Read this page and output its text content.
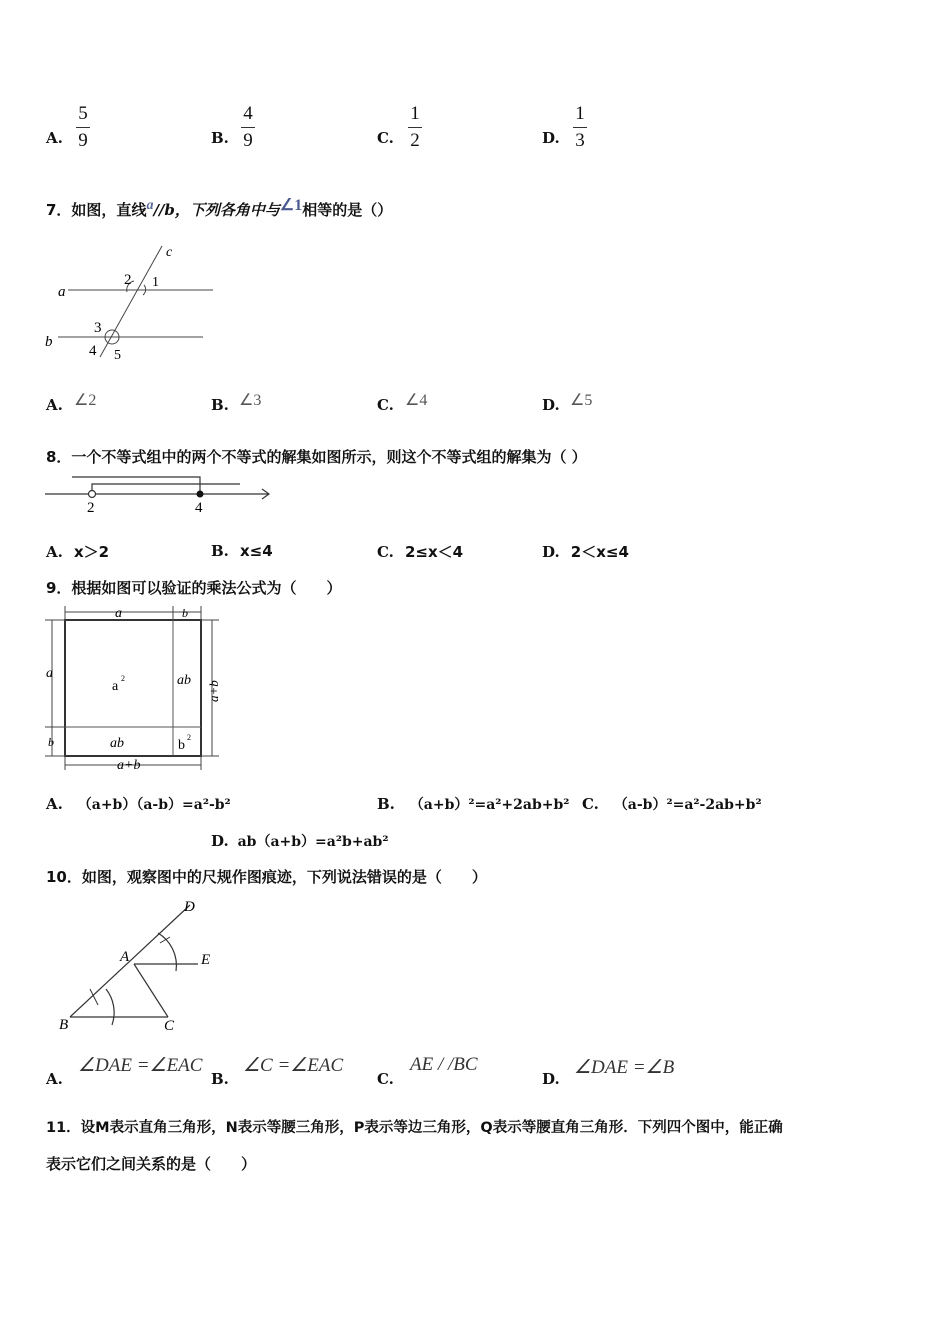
A.
5
9	B.
4
9	C.
1
2	D.
1
3
7．如图，直线a//b，下列各角中与∠1相等的是（）
c
a
b
1
2
3
4 5
A. ∠2	B. ∠3	C. ∠4	D. ∠5
8．一个不等式组中的两个不等式的解集如图所示，则这个不等式组的解集为（ ）
2	4
A. x＞2	B. x≤4	C. 2≤x＜4	D. 2＜x≤4
9．根据如图可以验证的乘法公式为（　　）
a	b
a
b
a+b
a+b
a
2	ab
ab	b
2
A. （a+b）（a-b）=a²-b²	B. （a+b）²=a²+2ab+b² C. （a-b）²=a²-2ab+b²
D. ab（a+b）=a²b+ab²
10．如图，观察图中的尺规作图痕迹，下列说法错误的是（　　）
D
A	E
B	C
A.
∠DAE =∠EAC
B.
∠C =∠EAC
C.
AE / /BC
D.
∠DAE =∠B
11．设M表示直角三角形，N表示等腰三角形，P表示等边三角形，Q表示等腰直角三角形．下列四个图中，能正确
表示它们之间关系的是（　　）
